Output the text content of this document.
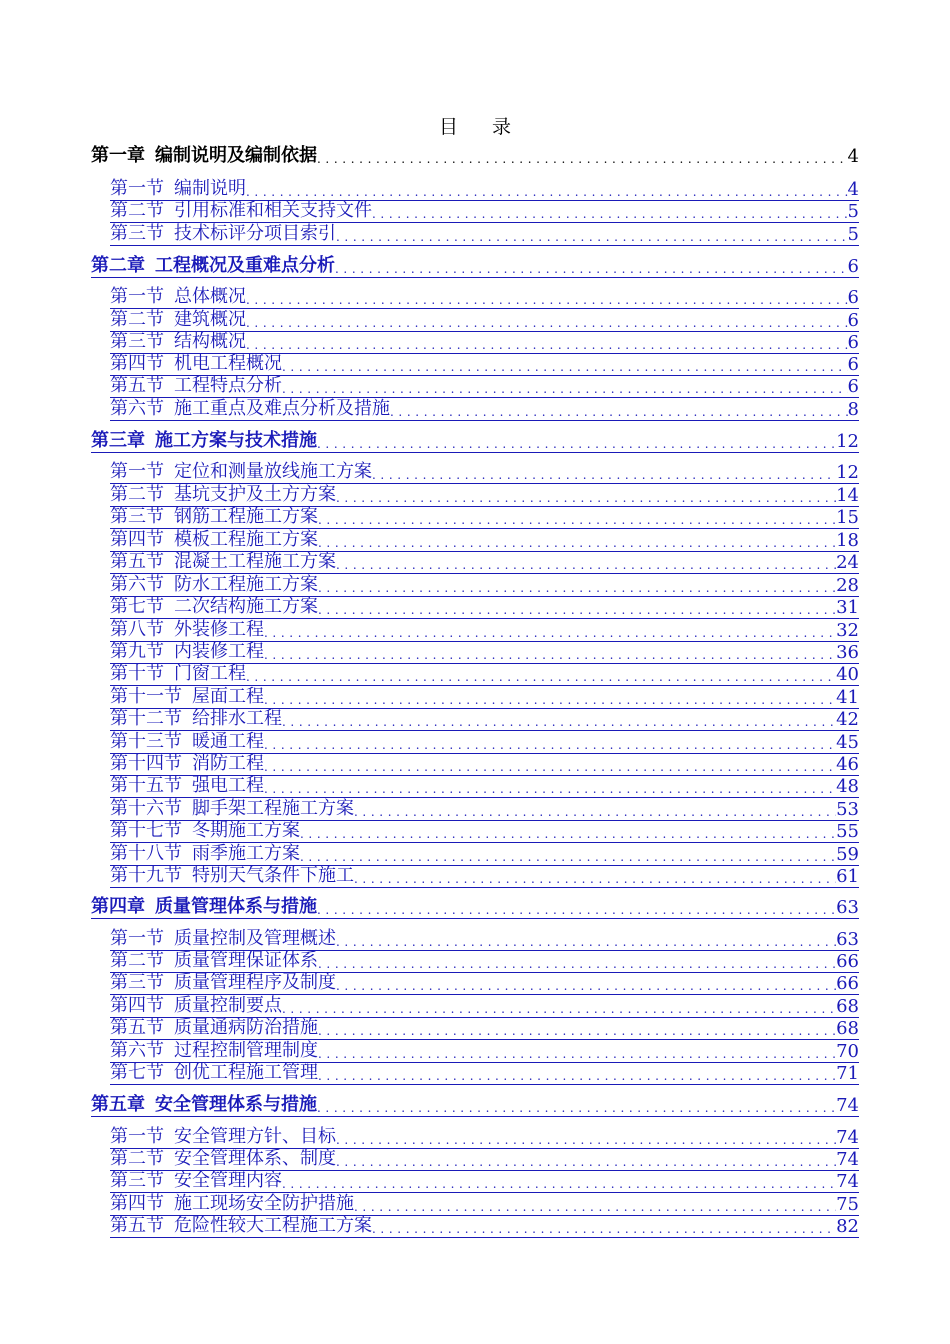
目 录
第一章 编制说明及编制依据 . . .	4
第一节 编制说明 . . .	4
第二节 引用标准和相关支持文件 . . .	5
第三节 技术标评分项目索引 . . .	5
第二章 工程概况及重难点分析 . . .	6
第一节 总体概况 . . .	6
第二节 建筑概况 . . .	6
第三节 结构概况 . . .	6
第四节 机电工程概况 . . .	6
第五节 工程特点分析 . . .	6
第六节 施工重点及难点分析及措施 . . .	8
第三章 施工方案与技术措施 . . .	12
第一节 定位和测量放线施工方案 . . .	12
第二节 基坑支护及土方方案 . . .	14
第三节 钢筋工程施工方案 . . .	15
第四节 模板工程施工方案 . . .	18
第五节 混凝土工程施工方案 . . .	24
第六节 防水工程施工方案 . . .	28
第七节 二次结构施工方案 . . .	31
第八节 外装修工程 . . .	32
第九节 内装修工程 . . .	36
第十节 门窗工程 . . .	40
第十一节 屋面工程 . . .	41
第十二节 给排水工程 . . .	42
第十三节 暖通工程 . . .	45
第十四节 消防工程 . . .	46
第十五节 强电工程 . . .	48
第十六节 脚手架工程施工方案 . . .	53
第十七节 冬期施工方案 . . .	55
第十八节 雨季施工方案 . . .	59
第十九节 特别天气条件下施工 . . .	61
第四章 质量管理体系与措施 . . .	63
第一节 质量控制及管理概述 . . .	63
第二节 质量管理保证体系 . . .	66
第三节 质量管理程序及制度 . . .	66
第四节 质量控制要点 . . .	68
第五节 质量通病防治措施 . . .	68
第六节 过程控制管理制度 . . .	70
第七节 创优工程施工管理 . . .	71
第五章 安全管理体系与措施 . . .	74
第一节 安全管理方针、目标 . . .	74
第二节 安全管理体系、制度 . . .	74
第三节 安全管理内容 . . .	74
第四节 施工现场安全防护措施 . . .	75
第五节 危险性较大工程施工方案 . . .	82
